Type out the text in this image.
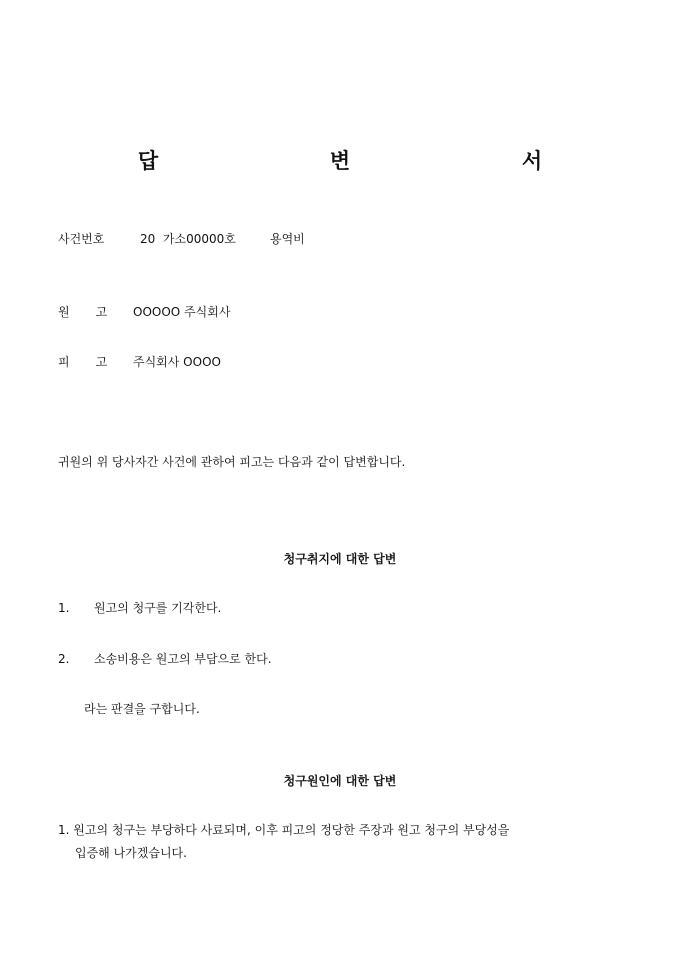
답	변	서
사건번호	20  가소00000호	용역비
원 고 OOOOO 주식회사
피 고 주식회사 OOOO
귀원의 위 당사자간 사건에 관하여 피고는 다음과 같이 답변합니다.
청구취지에 대한 답변
1. 원고의 청구를 기각한다.
2. 소송비용은 원고의 부담으로 한다.
라는 판결을 구합니다.
청구원인에 대한 답변
1. 원고의 청구는 부당하다 사료되며, 이후 피고의 정당한 주장과 원고 청구의 부당성을
입증해 나가겠습니다.
